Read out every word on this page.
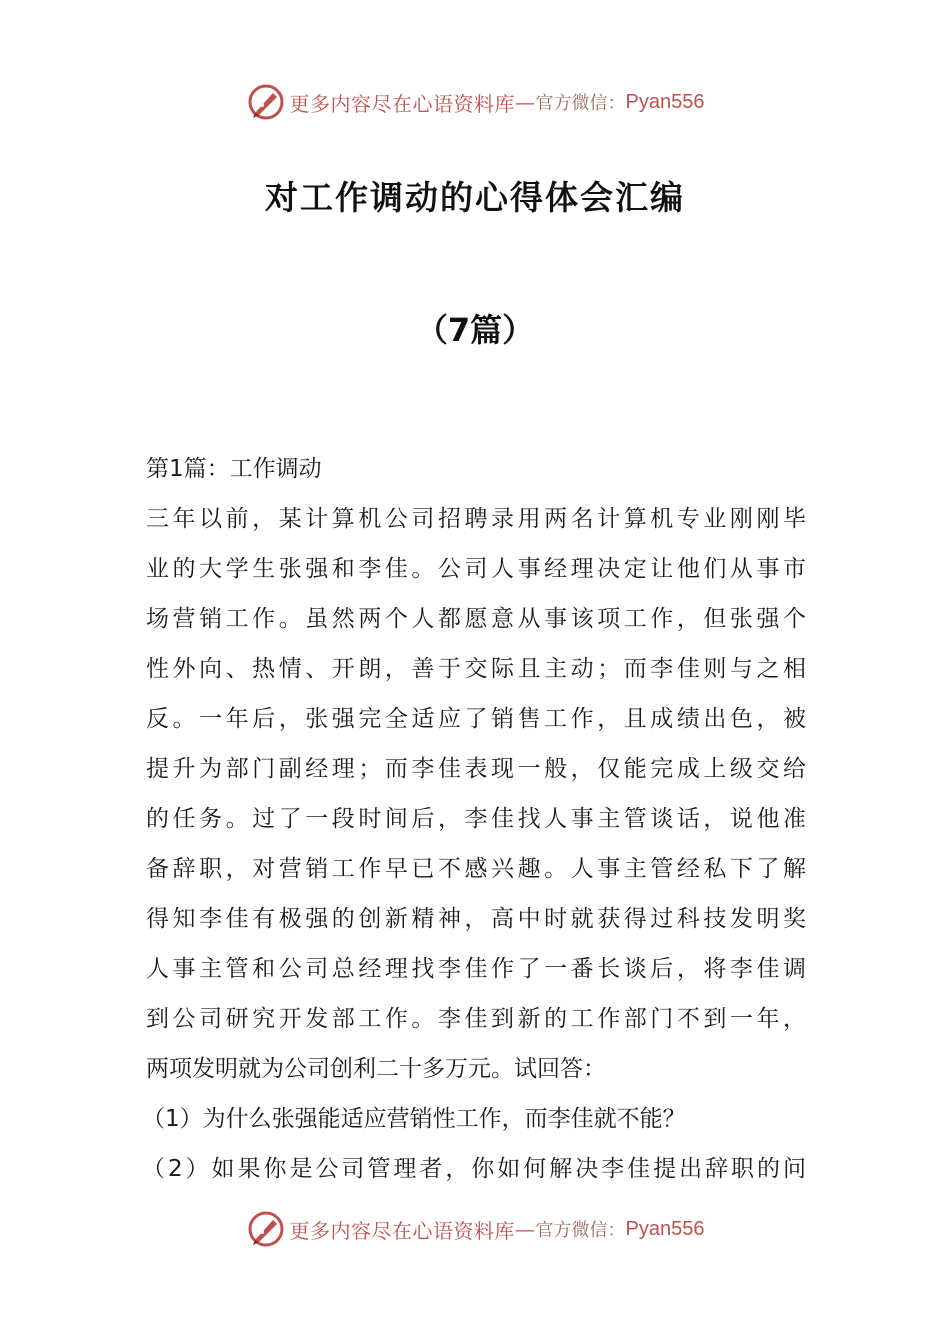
更多内容尽在心语资料库 — 官方微信： Pyan556
对工作调动的心得体会汇编
（7篇）
第1篇：工作调动
三年以前，某计算机公司招聘录用两名计算机专业刚刚毕
业的大学生张强和李佳。公司人事经理决定让他们从事市
场营销工作。虽然两个人都愿意从事该项工作，但张强个
性外向、热情、开朗，善于交际且主动；而李佳则与之相
反。一年后，张强完全适应了销售工作，且成绩出色，被
提升为部门副经理；而李佳表现一般，仅能完成上级交给
的任务。过了一段时间后，李佳找人事主管谈话，说他准
备辞职，对营销工作早已不感兴趣。人事主管经私下了解
得知李佳有极强的创新精神，高中时就获得过科技发明奖
人事主管和公司总经理找李佳作了一番长谈后，将李佳调
到公司研究开发部工作。李佳到新的工作部门不到一年，
两项发明就为公司创利二十多万元。试回答：
（1）为什么张强能适应营销性工作，而李佳就不能？
（2）如果你是公司管理者，你如何解决李佳提出辞职的问
更多内容尽在心语资料库 — 官方微信： Pyan556
